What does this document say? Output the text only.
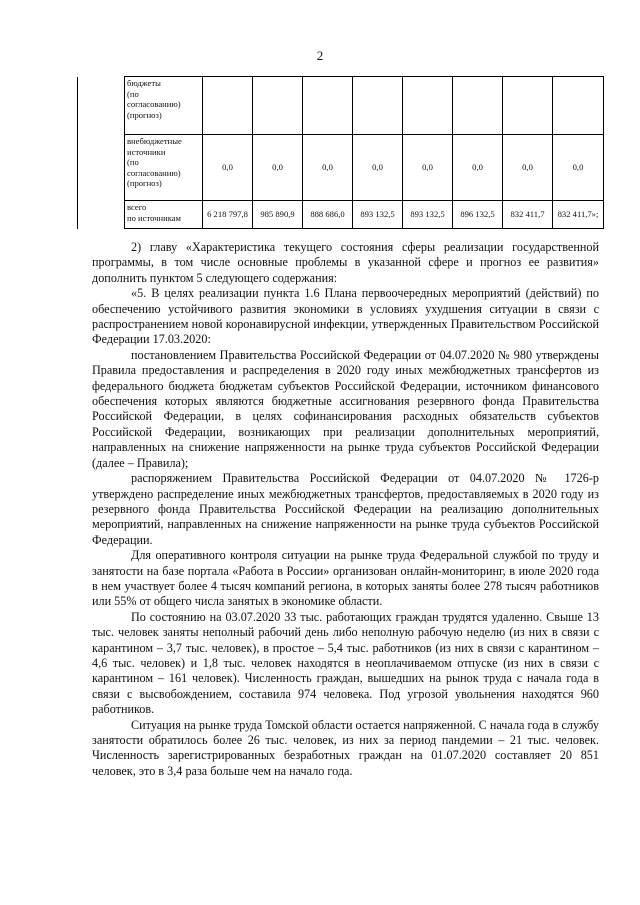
2

	бюджеты
(по
согласованию)
(прогноз)								

	внебюджетные
источники
(по
согласованию)
(прогноз)	0,0	0,0	0,0	0,0	0,0	0,0	0,0	0,0

	всего
по источникам	6 218 797,8	985 890,9	888 686,0	893 132,5	893 132,5	896 132,5	832 411,7	832 411,7»;

2) главу «Характеристика текущего состояния сферы реализации государственной программы, в том числе основные проблемы в указанной сфере и прогноз ее развития» дополнить пунктом 5 следующего содержания:

«5. В целях реализации пункта 1.6 Плана первоочередных мероприятий (действий) по обеспечению устойчивого развития экономики в условиях ухудшения ситуации в связи с распространением новой коронавирусной инфекции, утвержденных Правительством Российской Федерации 17.03.2020:

постановлением Правительства Российской Федерации от 04.07.2020 № 980 утверждены Правила предоставления и распределения в 2020 году иных межбюджетных трансфертов из федерального бюджета бюджетам субъектов Российской Федерации, источником финансового обеспечения которых являются бюджетные ассигнования резервного фонда Правительства Российской Федерации, в целях софинансирования расходных обязательств субъектов Российской Федерации, возникающих при реализации дополнительных мероприятий, направленных на снижение напряженности на рынке труда субъектов Российской Федерации (далее – Правила);

распоряжением Правительства Российской Федерации от 04.07.2020 № 1726-р утверждено распределение иных межбюджетных трансфертов, предоставляемых в 2020 году из резервного фонда Правительства Российской Федерации на реализацию дополнительных мероприятий, направленных на снижение напряженности на рынке труда субъектов Российской Федерации.

Для оперативного контроля ситуации на рынке труда Федеральной службой по труду и занятости на базе портала «Работа в России» организован онлайн-мониторинг, в июле 2020 года в нем участвует более 4 тысяч компаний региона, в которых заняты более 278 тысяч работников или 55% от общего числа занятых в экономике области.

По состоянию на 03.07.2020 33 тыс. работающих граждан трудятся удаленно. Свыше 13 тыс. человек заняты неполный рабочий день либо неполную рабочую неделю (из них в связи с карантином – 3,7 тыс. человек), в простое – 5,4 тыс. работников (из них в связи с карантином – 4,6 тыс. человек) и 1,8 тыс. человек находятся в неоплачиваемом отпуске (из них в связи с карантином – 161 человек). Численность граждан, вышедших на рынок труда с начала года в связи с высвобождением, составила 974 человека. Под угрозой увольнения находятся 960 работников.

Ситуация на рынке труда Томской области остается напряженной. С начала года в службу занятости обратилось более 26 тыс. человек, из них за период пандемии – 21 тыс. человек. Численность зарегистрированных безработных граждан на 01.07.2020 составляет 20 851 человек, это в 3,4 раза больше чем на начало года.
